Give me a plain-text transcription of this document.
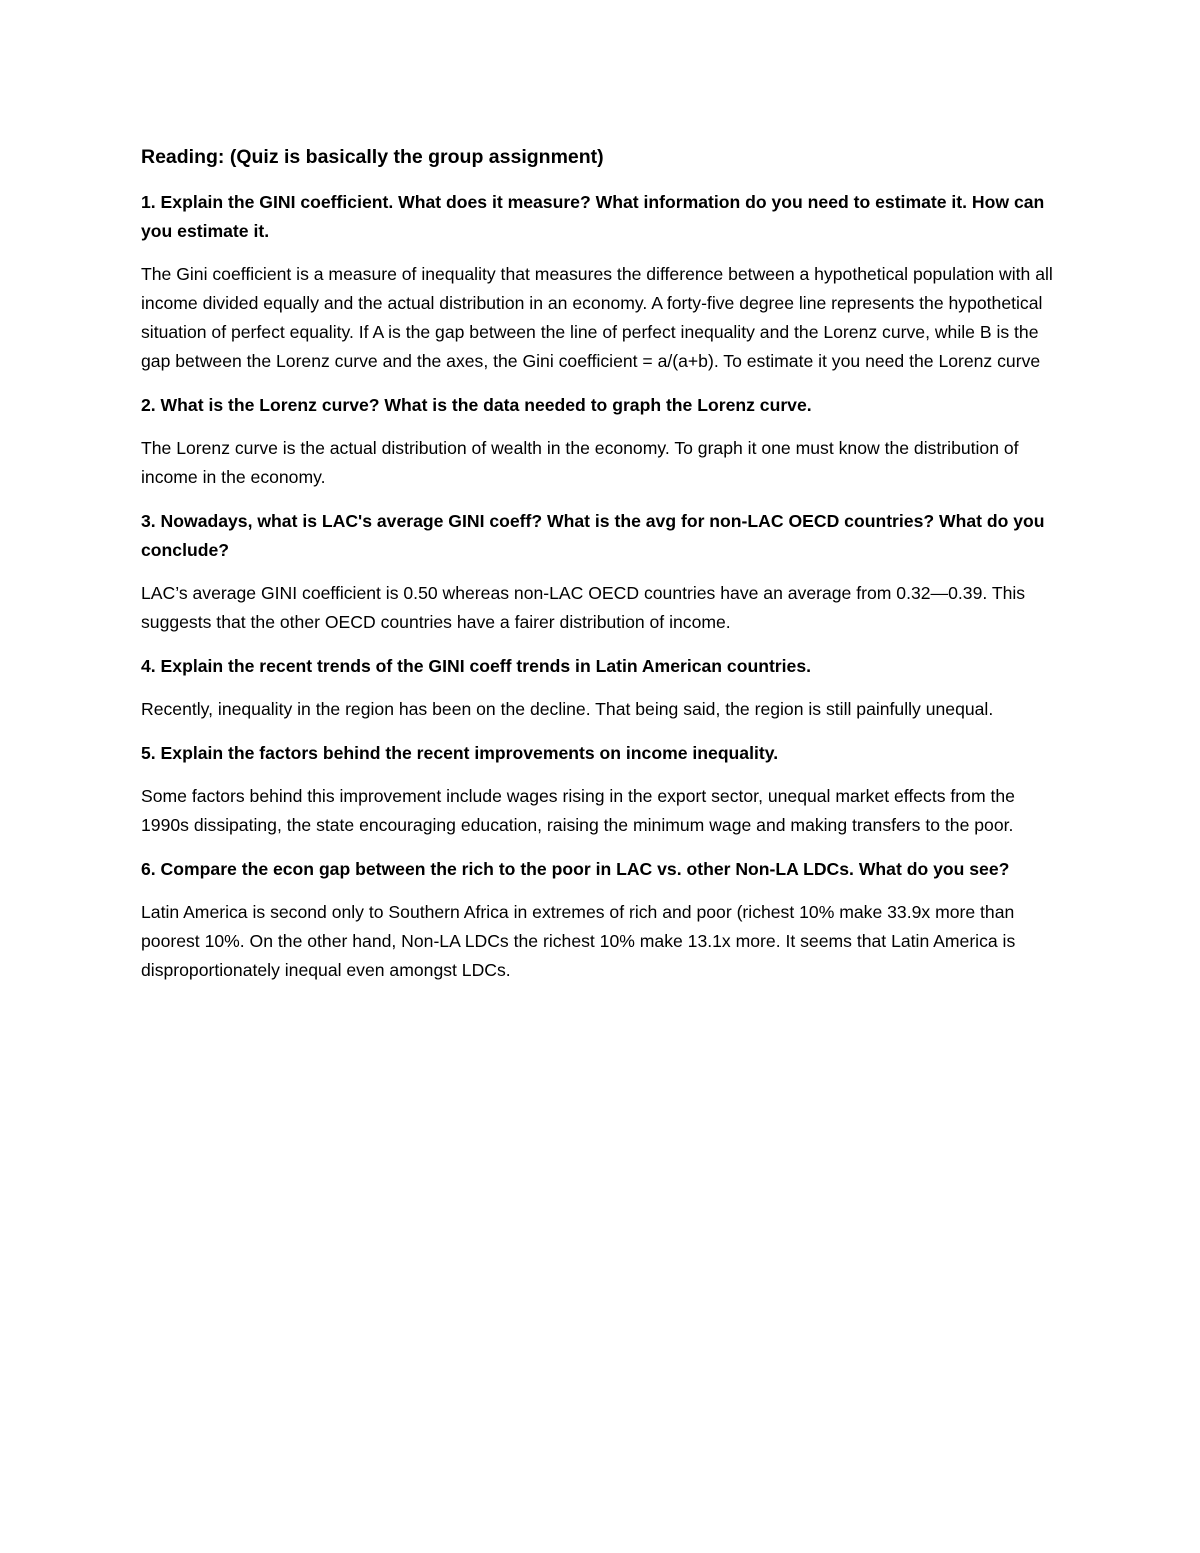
Reading: (Quiz is basically the group assignment)

1. Explain the GINI coefficient. What does it measure? What information do you need to estimate it. How can you estimate it.

The Gini coefficient is a measure of inequality that measures the difference between a hypothetical population with all income divided equally and the actual distribution in an economy. A forty-five degree line represents the hypothetical situation of perfect equality. If A is the gap between the line of perfect inequality and the Lorenz curve, while B is the gap between the Lorenz curve and the axes, the Gini coefficient = a/(a+b). To estimate it you need the Lorenz curve

2. What is the Lorenz curve? What is the data needed to graph the Lorenz curve.

The Lorenz curve is the actual distribution of wealth in the economy. To graph it one must know the distribution of income in the economy.

3. Nowadays, what is LAC's average GINI coeff? What is the avg for non-LAC OECD countries? What do you conclude?

LAC’s average GINI coefficient is 0.50 whereas non-LAC OECD countries have an average from 0.32—0.39. This suggests that the other OECD countries have a fairer distribution of income.

4. Explain the recent trends of the GINI coeff trends in Latin American countries.

Recently, inequality in the region has been on the decline. That being said, the region is still painfully unequal.

5. Explain the factors behind the recent improvements on income inequality.

Some factors behind this improvement include wages rising in the export sector, unequal market effects from the 1990s dissipating, the state encouraging education, raising the minimum wage and making transfers to the poor.

6. Compare the econ gap between the rich to the poor in LAC vs. other Non-LA LDCs. What do you see?

Latin America is second only to Southern Africa in extremes of rich and poor (richest 10% make 33.9x more than poorest 10%. On the other hand, Non-LA LDCs the richest 10% make 13.1x more. It seems that Latin America is disproportionately inequal even amongst LDCs.
